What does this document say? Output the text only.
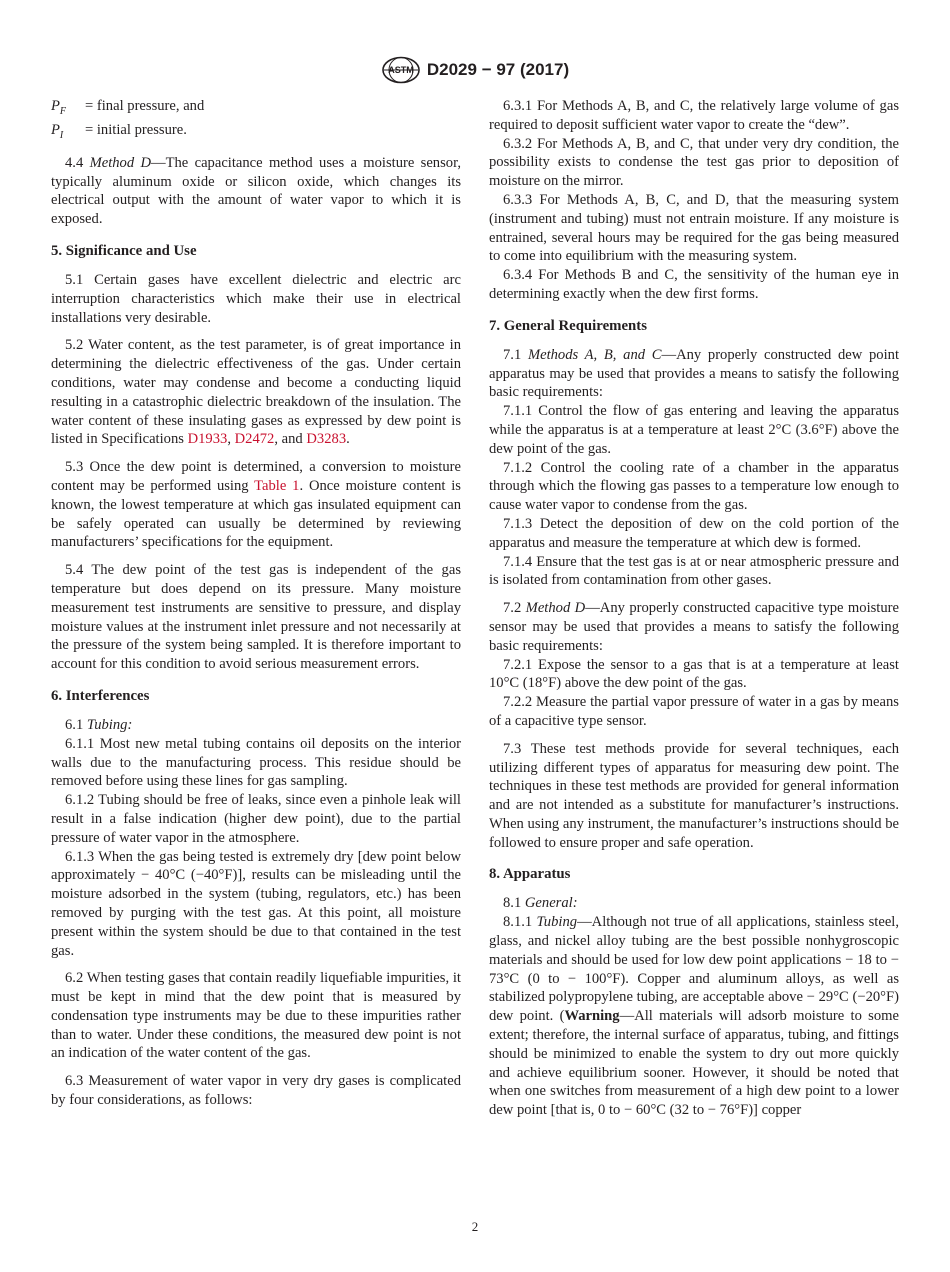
ASTM D2029 − 97 (2017)
$P_F$	= final pressure, and
$P_I$	= initial pressure.

4.4 Method D—The capacitance method uses a moisture sensor, typically aluminum oxide or silicon oxide, which changes its electrical output with the amount of water vapor to which it is exposed.

5. Significance and Use

5.1 Certain gases have excellent dielectric and electric arc interruption characteristics which make their use in electrical installations very desirable.

5.2 Water content, as the test parameter, is of great importance in determining the dielectric effectiveness of the gas. Under certain conditions, water may condense and become a conducting liquid resulting in a catastrophic dielectric breakdown of the insulation. The water content of these insulating gases as expressed by dew point is listed in Specifications D1933, D2472, and D3283.

5.3 Once the dew point is determined, a conversion to moisture content may be performed using Table 1. Once moisture content is known, the lowest temperature at which gas insulated equipment can be safely operated can usually be determined by reviewing manufacturers’ specifications for the equipment.

5.4 The dew point of the test gas is independent of the gas temperature but does depend on its pressure. Many moisture measurement test instruments are sensitive to pressure, and display moisture values at the instrument inlet pressure and not necessarily at the pressure of the system being sampled. It is therefore important to account for this condition to avoid serious measurement errors.

6. Interferences

6.1 Tubing:

6.1.1 Most new metal tubing contains oil deposits on the interior walls due to the manufacturing process. This residue should be removed before using these lines for gas sampling.

6.1.2 Tubing should be free of leaks, since even a pinhole leak will result in a false indication (higher dew point), due to the partial pressure of water vapor in the atmosphere.

6.1.3 When the gas being tested is extremely dry [dew point below approximately − 40°C (−40°F)], results can be misleading until the moisture adsorbed in the system (tubing, regulators, etc.) has been removed by purging with the test gas. At this point, all moisture present within the system should be due to that contained in the test gas.

6.2 When testing gases that contain readily liquefiable impurities, it must be kept in mind that the dew point that is measured by condensation type instruments may be due to these impurities rather than to water. Under these conditions, the measured dew point is not an indication of the water content of the gas.

6.3 Measurement of water vapor in very dry gases is complicated by four considerations, as follows:

6.3.1 For Methods A, B, and C, the relatively large volume of gas required to deposit sufficient water vapor to create the “dew”.

6.3.2 For Methods A, B, and C, that under very dry condition, the possibility exists to condense the test gas prior to deposition of moisture on the mirror.

6.3.3 For Methods A, B, C, and D, that the measuring system (instrument and tubing) must not entrain moisture. If any moisture is entrained, several hours may be required for the gas being measured to come into equilibrium with the measuring system.

6.3.4 For Methods B and C, the sensitivity of the human eye in determining exactly when the dew first forms.

7. General Requirements

7.1 Methods A, B, and C—Any properly constructed dew point apparatus may be used that provides a means to satisfy the following basic requirements:

7.1.1 Control the flow of gas entering and leaving the apparatus while the apparatus is at a temperature at least 2°C (3.6°F) above the dew point of the gas.

7.1.2 Control the cooling rate of a chamber in the apparatus through which the flowing gas passes to a temperature low enough to cause water vapor to condense from the gas.

7.1.3 Detect the deposition of dew on the cold portion of the apparatus and measure the temperature at which dew is formed.

7.1.4 Ensure that the test gas is at or near atmospheric pressure and is isolated from contamination from other gases.

7.2 Method D—Any properly constructed capacitive type moisture sensor may be used that provides a means to satisfy the following basic requirements:

7.2.1 Expose the sensor to a gas that is at a temperature at least 10°C (18°F) above the dew point of the gas.

7.2.2 Measure the partial vapor pressure of water in a gas by means of a capacitive type sensor.

7.3 These test methods provide for several techniques, each utilizing different types of apparatus for measuring dew point. The techniques in these test methods are provided for general information and are not intended as a substitute for manufacturer’s instructions. When using any instrument, the manufacturer’s instructions should be followed to ensure proper and safe operation.

8. Apparatus

8.1 General:

8.1.1 Tubing—Although not true of all applications, stainless steel, glass, and nickel alloy tubing are the best possible nonhygroscopic materials and should be used for low dew point applications − 18 to − 73°C (0 to − 100°F). Copper and aluminum alloys, as well as stabilized polypropylene tubing, are acceptable above − 29°C (−20°F) dew point. (Warning—All materials will adsorb moisture to some extent; therefore, the internal surface of apparatus, tubing, and fittings should be minimized to enable the system to dry out more quickly and achieve equilibrium sooner. However, it should be noted that when one switches from measurement of a high dew point to a lower dew point [that is, 0 to − 60°C (32 to − 76°F)] copper

2
